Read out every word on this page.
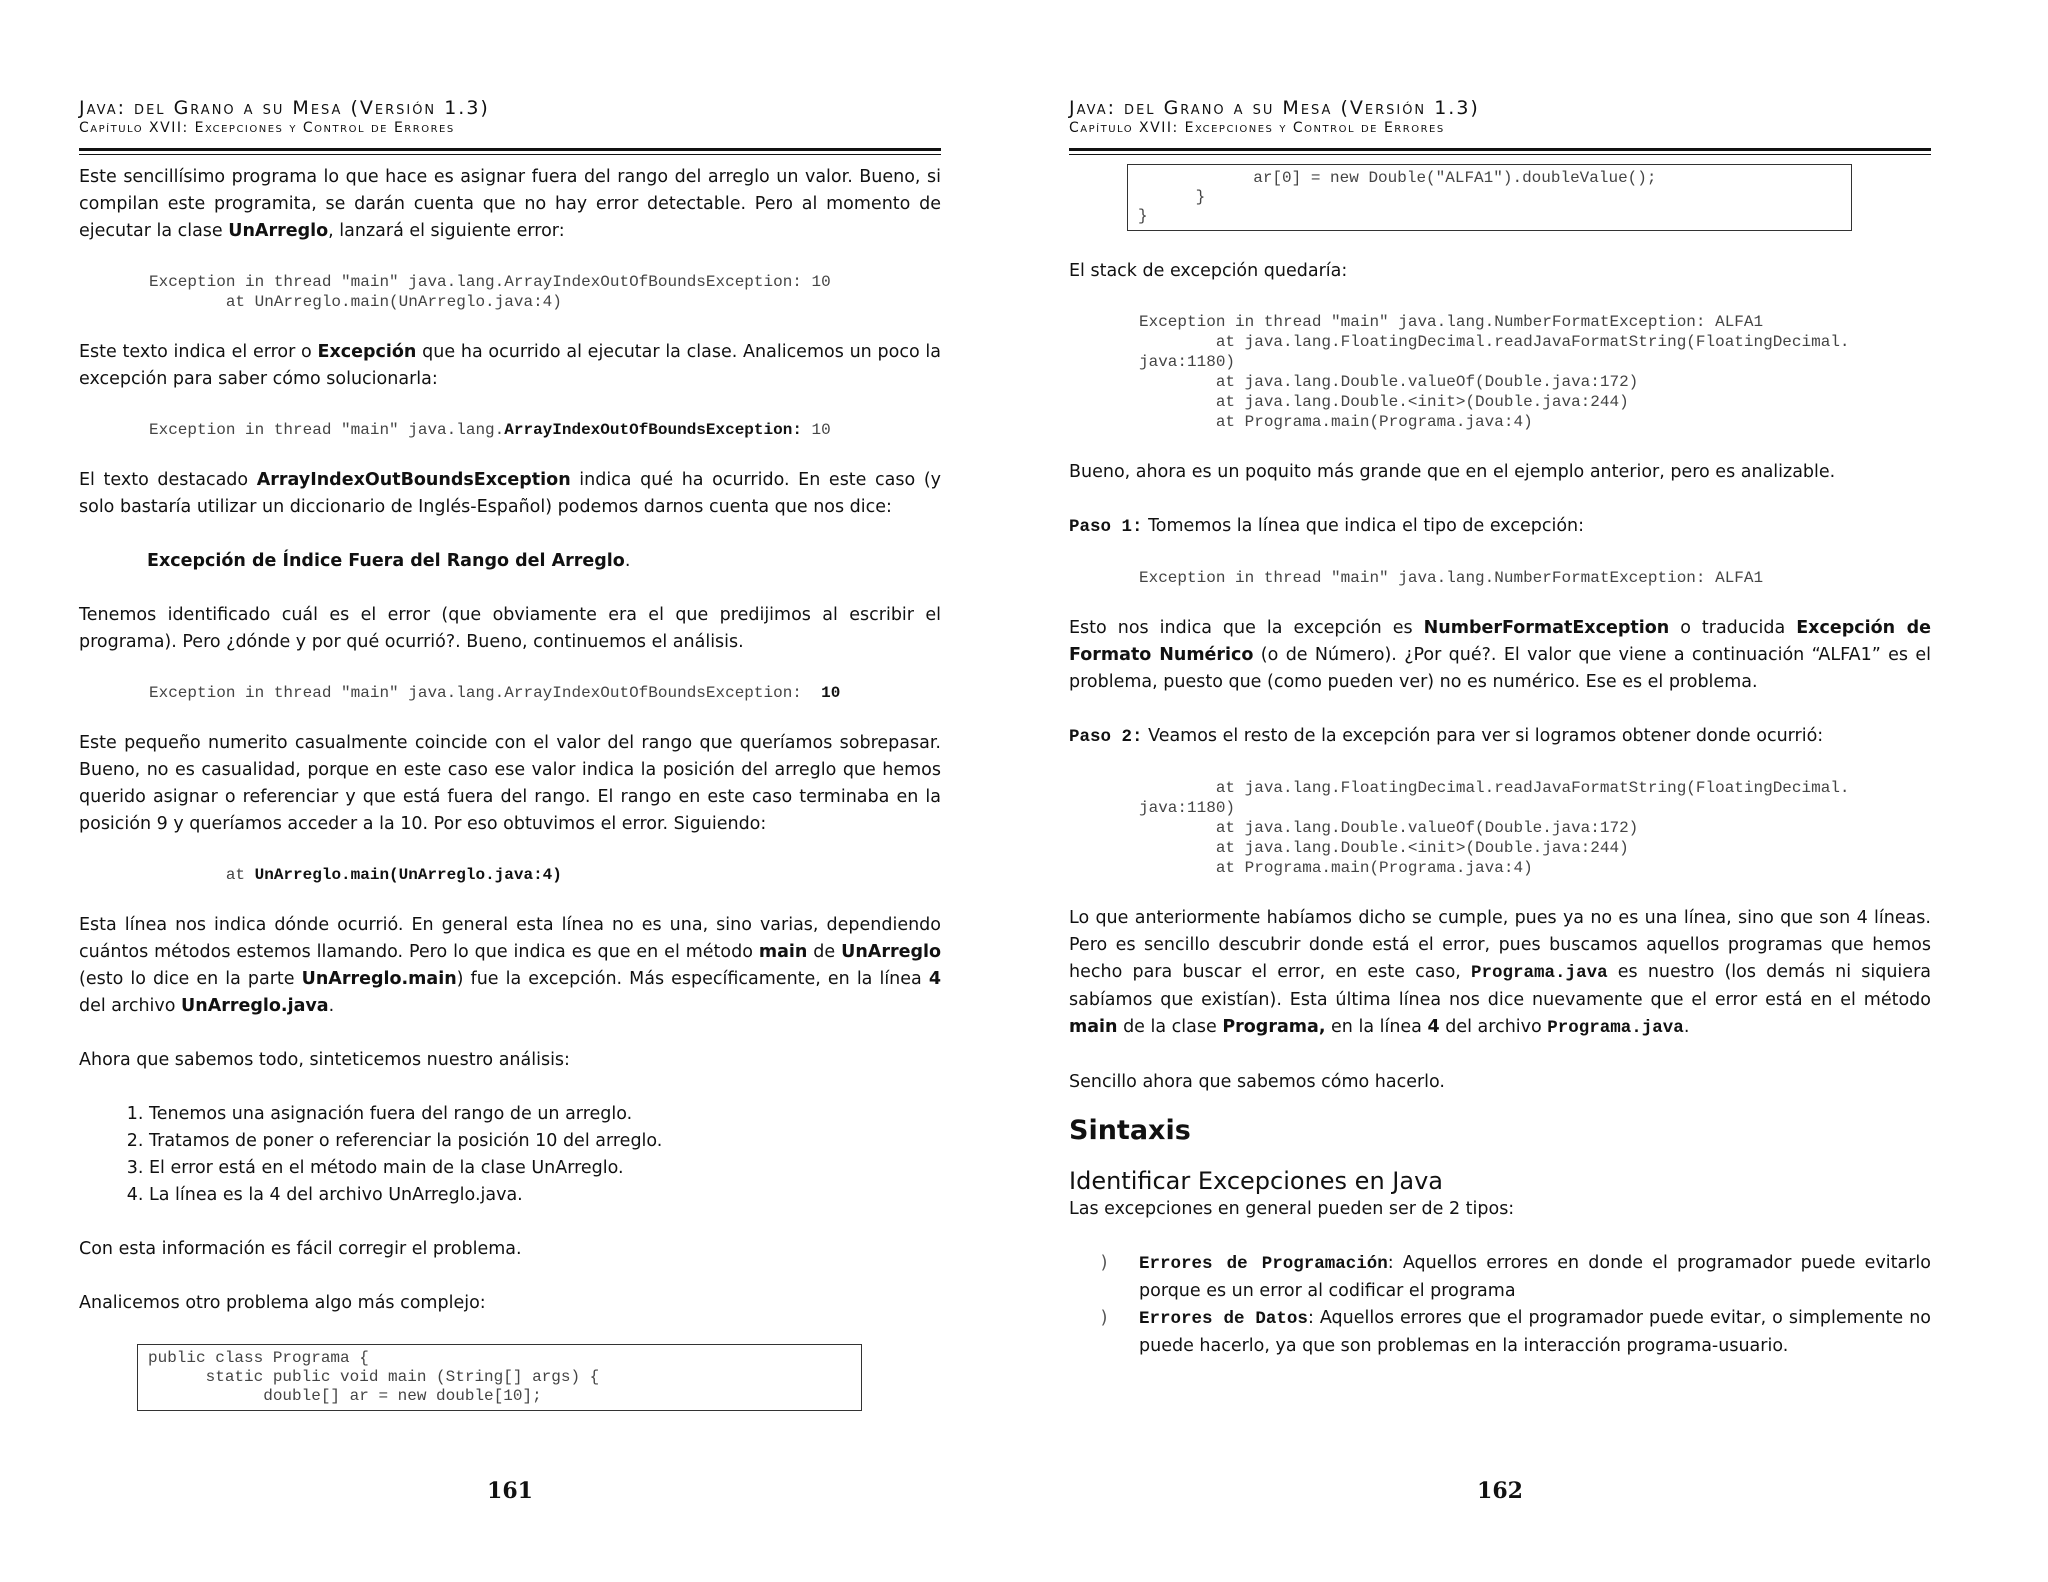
Java: del Grano a su Mesa (Versión 1.3)
Capítulo XVII: Excepciones y Control de Errores

Este sencillísimo programa lo que hace es asignar fuera del rango del arreglo un valor. Bueno, si compilan este programita, se darán cuenta que no hay error detectable. Pero al momento de ejecutar la clase UnArreglo, lanzará el siguiente error:

Exception in thread "main" java.lang.ArrayIndexOutOfBoundsException: 10
at UnArreglo.main(UnArreglo.java:4)

Este texto indica el error o Excepción que ha ocurrido al ejecutar la clase. Analicemos un poco la excepción para saber cómo solucionarla:

Exception in thread "main" java.lang.ArrayIndexOutOfBoundsException: 10

El texto destacado ArrayIndexOutBoundsException indica qué ha ocurrido. En este caso (y solo bastaría utilizar un diccionario de Inglés-Español) podemos darnos cuenta que nos dice:

Excepción de Índice Fuera del Rango del Arreglo.

Tenemos identificado cuál es el error (que obviamente era el que predijimos al escribir el programa). Pero ¿dónde y por qué ocurrió?. Bueno, continuemos el análisis.

Exception in thread "main" java.lang.ArrayIndexOutOfBoundsException:  10

Este pequeño numerito casualmente coincide con el valor del rango que queríamos sobrepasar. Bueno, no es casualidad, porque en este caso ese valor indica la posición del arreglo que hemos querido asignar o referenciar y que está fuera del rango. El rango en este caso terminaba en la posición 9 y queríamos acceder a la 10. Por eso obtuvimos el error. Siguiendo:

at UnArreglo.main(UnArreglo.java:4)

Esta línea nos indica dónde ocurrió. En general esta línea no es una, sino varias, dependiendo cuántos métodos estemos llamando. Pero lo que indica es que en el método main de UnArreglo (esto lo dice en la parte UnArreglo.main) fue la excepción. Más específicamente, en la línea 4 del archivo UnArreglo.java.

Ahora que sabemos todo, sinteticemos nuestro análisis:

1. Tenemos una asignación fuera del rango de un arreglo.
2. Tratamos de poner o referenciar la posición 10 del arreglo.
3. El error está en el método main de la clase UnArreglo.
4. La línea es la 4 del archivo UnArreglo.java.

Con esta información es fácil corregir el problema.

Analicemos otro problema algo más complejo:

public class Programa {
static public void main (String[] args) {
double[] ar = new double[10];
161
Java: del Grano a su Mesa (Versión 1.3)
Capítulo XVII: Excepciones y Control de Errores
ar[0] = new Double("ALFA1").doubleValue();
}
}

El stack de excepción quedaría:

Exception in thread "main" java.lang.NumberFormatException: ALFA1
at java.lang.FloatingDecimal.readJavaFormatString(FloatingDecimal.
java:1180)
at java.lang.Double.valueOf(Double.java:172)
at java.lang.Double.<init>(Double.java:244)
at Programa.main(Programa.java:4)

Bueno, ahora es un poquito más grande que en el ejemplo anterior, pero es analizable.

Paso 1: Tomemos la línea que indica el tipo de excepción:

Exception in thread "main" java.lang.NumberFormatException: ALFA1

Esto nos indica que la excepción es NumberFormatException o traducida Excepción de Formato Numérico (o de Número). ¿Por qué?. El valor que viene a continuación “ALFA1” es el problema, puesto que (como pueden ver) no es numérico. Ese es el problema.

Paso 2: Veamos el resto de la excepción para ver si logramos obtener donde ocurrió:

at java.lang.FloatingDecimal.readJavaFormatString(FloatingDecimal.
java:1180)
at java.lang.Double.valueOf(Double.java:172)
at java.lang.Double.<init>(Double.java:244)
at Programa.main(Programa.java:4)

Lo que anteriormente habíamos dicho se cumple, pues ya no es una línea, sino que son 4 líneas. Pero es sencillo descubrir donde está el error, pues buscamos aquellos programas que hemos hecho para buscar el error, en este caso, Programa.java es nuestro (los demás ni siquiera sabíamos que existían). Esta última línea nos dice nuevamente que el error está en el método main de la clase Programa, en la línea 4 del archivo Programa.java.

Sencillo ahora que sabemos cómo hacerlo.

Sintaxis
Identificar Excepciones en Java

Las excepciones en general pueden ser de 2 tipos:

)	Errores de Programación: Aquellos errores en donde el programador puede evitarlo porque es un error al codificar el programa
)	Errores de Datos: Aquellos errores que el programador puede evitar, o simplemente no puede hacerlo, ya que son problemas en la interacción programa-usuario.
162
